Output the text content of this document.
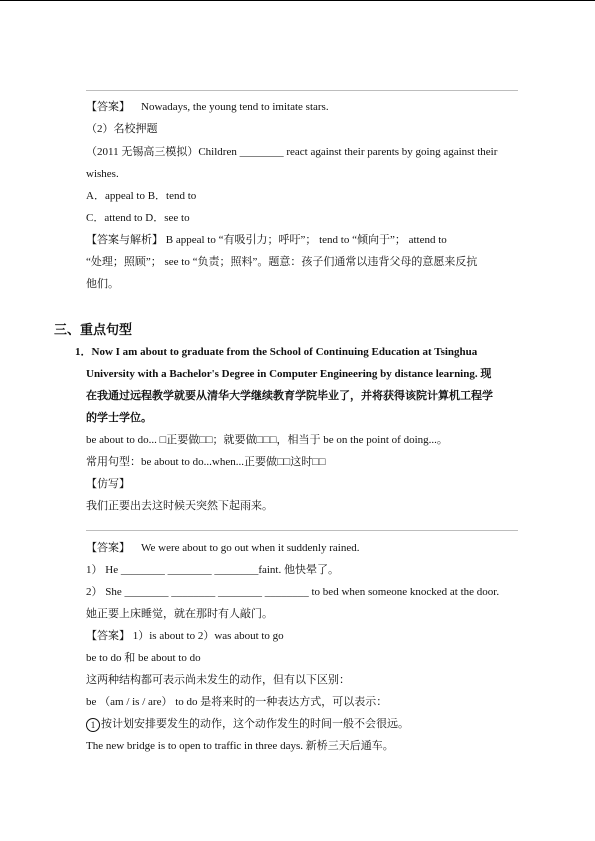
【答案】 Nowadays, the young tend to imitate stars.
（2）名校押题
（2011 无锡高三模拟）Children ________ react against their parents by going against their
wishes.
A．appeal to B．tend to
C．attend to D．see to
【答案与解析】 B appeal to “有吸引力；呼吁”； tend to “倾向于”； attend to
“处理；照顾”； see to “负责；照料”。题意：孩子们通常以违背父母的意愿来反抗
他们。
三、重点句型
1．Now I am about to graduate from the School of Continuing Education at Tsinghua
University with a Bachelor's Degree in Computer Engineering by distance learning. 现
在我通过远程教学就要从清华大学继续教育学院毕业了，并将获得该院计算机工程学
的学士学位。
be about to do... □正要做□□；就要做□□□，相当于 be on the point of doing...。
常用句型：be about to do...when...正要做□□这时□□
【仿写】
我们正要出去这时候天突然下起雨来。
【答案】 We were about to go out when it suddenly rained.
1） He ________ ________ ________faint. 他快晕了。
2） She ________ ________ ________ ________ to bed when someone knocked at the door.
她正要上床睡觉，就在那时有人敲门。
【答案】 1）is about to 2）was about to go
be to do 和 be about to do
这两种结构都可表示尚未发生的动作，但有以下区别：
be （am / is / are） to do 是将来时的一种表达方式，可以表示：
1 按计划安排要发生的动作，这个动作发生的时间一般不会很远。
The new bridge is to open to traffic in three days. 新桥三天后通车。
